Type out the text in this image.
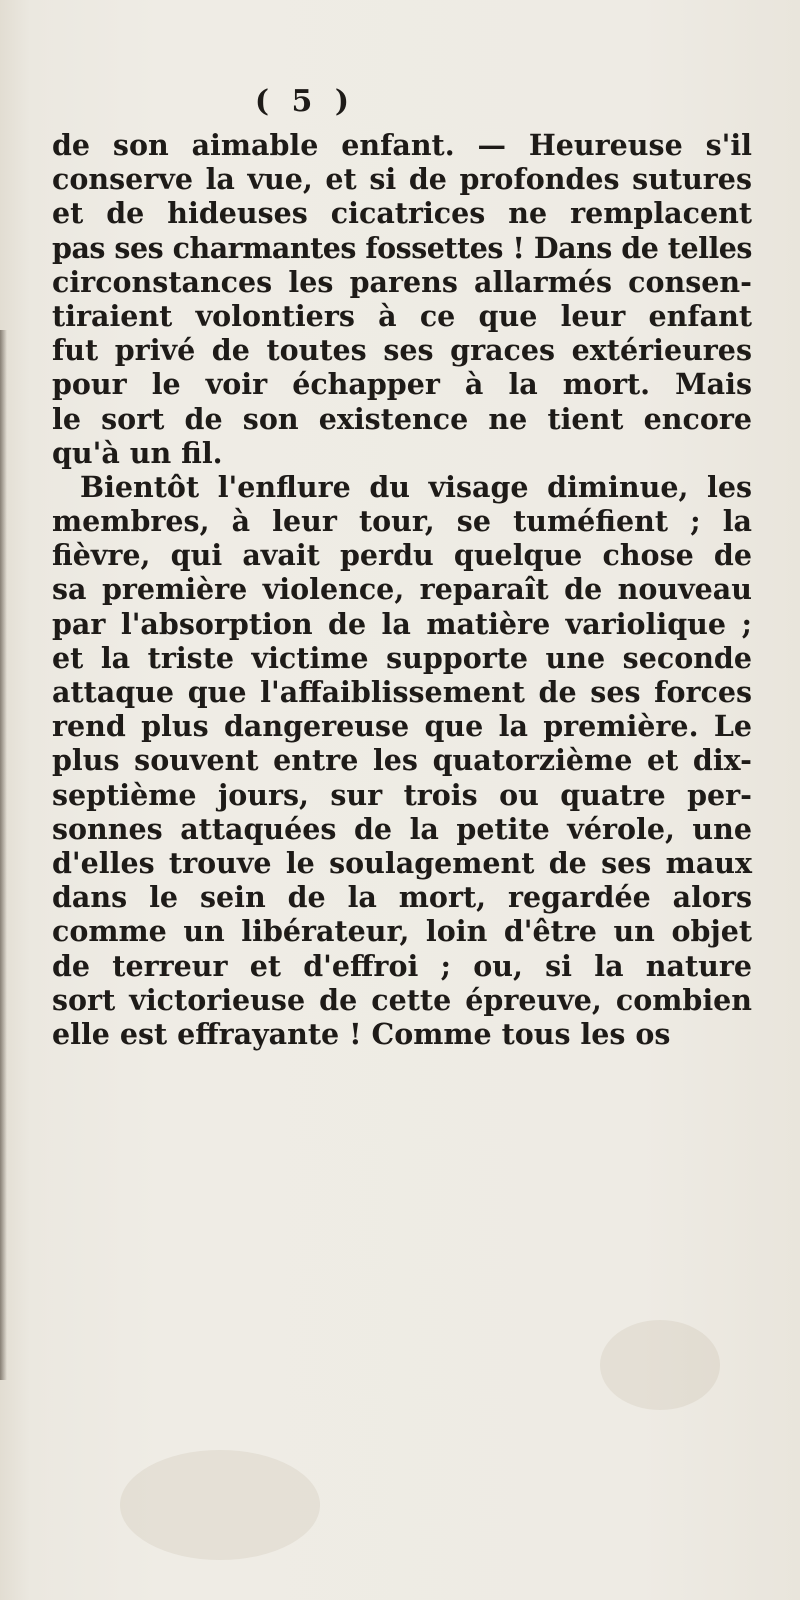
( 5 )
de son aimable enfant. — Heureuse s'il
conserve la vue, et si de profondes sutures
et de hideuses cicatrices ne remplacent
pas ses charmantes fossettes ! Dans de telles
circonstances les parens allarmés consen-
tiraient volontiers à ce que leur enfant
fut privé de toutes ses graces extérieures
pour le voir échapper à la mort. Mais
le sort de son existence ne tient encore
qu'à un fil.
Bientôt l'enflure du visage diminue, les
membres, à leur tour, se tuméfient ; la
fièvre, qui avait perdu quelque chose de
sa première violence, reparaît de nouveau
par l'absorption de la matière variolique ;
et la triste victime supporte une seconde
attaque que l'affaiblissement de ses forces
rend plus dangereuse que la première. Le
plus souvent entre les quatorzième et dix-
septième jours, sur trois ou quatre per-
sonnes attaquées de la petite vérole, une
d'elles trouve le soulagement de ses maux
dans le sein de la mort, regardée alors
comme un libérateur, loin d'être un objet
de terreur et d'effroi ; ou, si la nature
sort victorieuse de cette épreuve, combien
elle est effrayante ! Comme tous les os
